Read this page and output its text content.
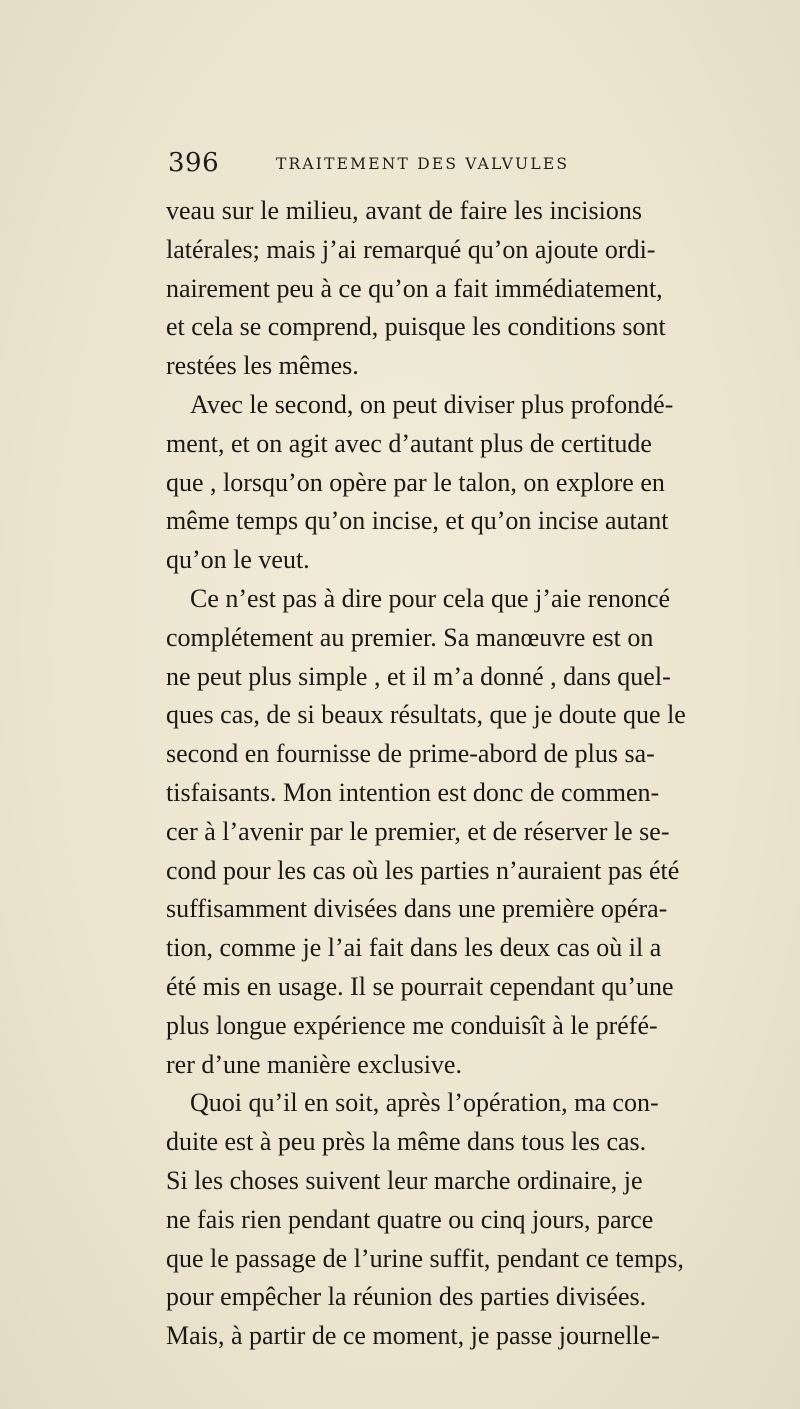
396	TRAITEMENT DES VALVULES
veau sur le milieu, avant de faire les incisions
latérales; mais j’ai remarqué qu’on ajoute ordi-
nairement peu à ce qu’on a fait immédiatement,
et cela se comprend, puisque les conditions sont
restées les mêmes.
Avec le second, on peut diviser plus profondé-
ment, et on agit avec d’autant plus de certitude
que , lorsqu’on opère par le talon, on explore en
même temps qu’on incise, et qu’on incise autant
qu’on le veut.
Ce n’est pas à dire pour cela que j’aie renoncé
complétement au premier. Sa manœuvre est on
ne peut plus simple , et il m’a donné , dans quel-
ques cas, de si beaux résultats, que je doute que le
second en fournisse de prime-abord de plus sa-
tisfaisants. Mon intention est donc de commen-
cer à l’avenir par le premier, et de réserver le se-
cond pour les cas où les parties n’auraient pas été
suffisamment divisées dans une première opéra-
tion, comme je l’ai fait dans les deux cas où il a
été mis en usage. Il se pourrait cependant qu’une
plus longue expérience me conduisît à le préfé-
rer d’une manière exclusive.
Quoi qu’il en soit, après l’opération, ma con-
duite est à peu près la même dans tous les cas.
Si les choses suivent leur marche ordinaire, je
ne fais rien pendant quatre ou cinq jours, parce
que le passage de l’urine suffit, pendant ce temps,
pour empêcher la réunion des parties divisées.
Mais, à partir de ce moment, je passe journelle-
